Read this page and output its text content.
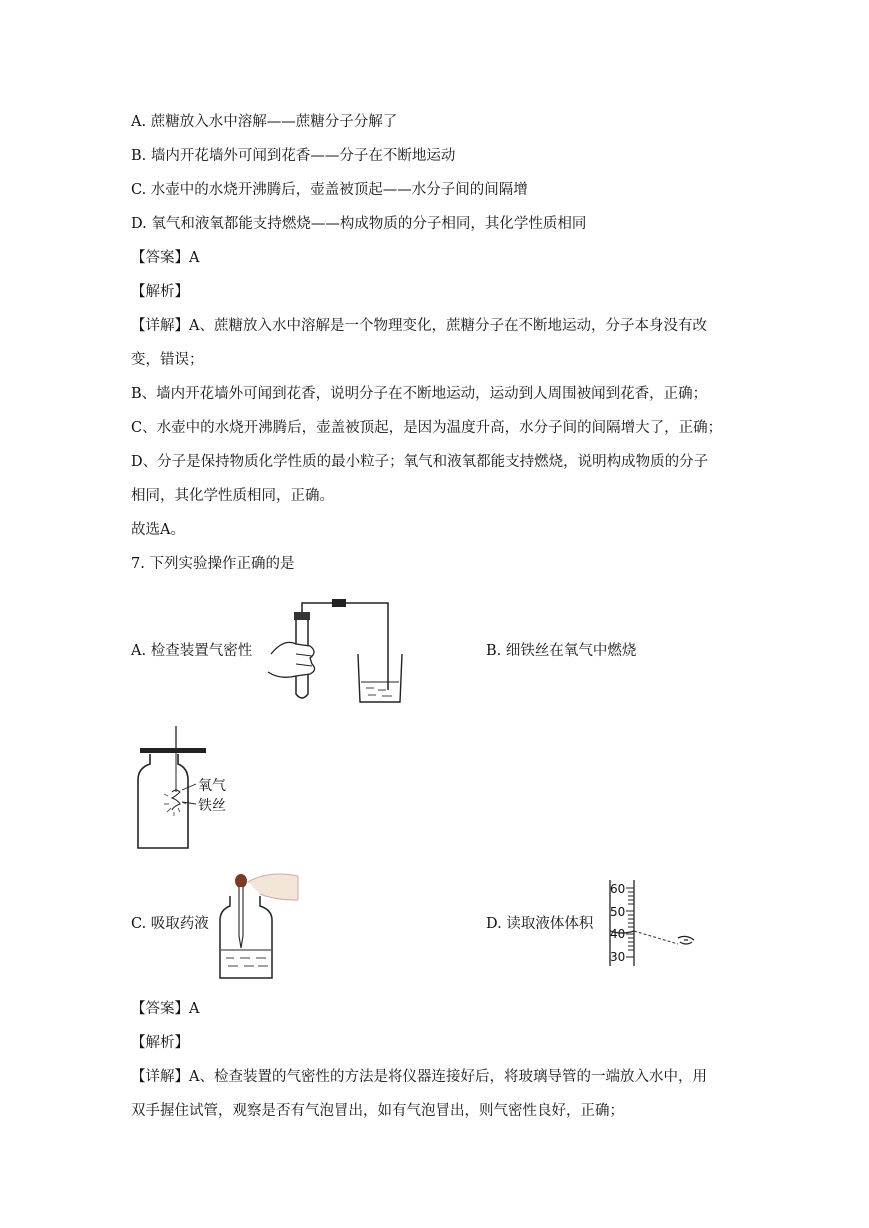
A. 蔗糖放入水中溶解——蔗糖分子分解了
B. 墙内开花墙外可闻到花香——分子在不断地运动
C. 水壶中的水烧开沸腾后，壶盖被顶起——水分子间的间隔增
D. 氧气和液氧都能支持燃烧——构成物质的分子相同，其化学性质相同
【答案】A
【解析】
【详解】A、蔗糖放入水中溶解是一个物理变化，蔗糖分子在不断地运动，分子本身没有改
变，错误；
B、墙内开花墙外可闻到花香，说明分子在不断地运动，运动到人周围被闻到花香，正确；
C、水壶中的水烧开沸腾后，壶盖被顶起，是因为温度升高，水分子间的间隔增大了，正确；
D、分子是保持物质化学性质的最小粒子；氧气和液氧都能支持燃烧，说明构成物质的分子
相同，其化学性质相同，正确。
故选A。
7. 下列实验操作正确的是
A. 检查装置气密性	B. 细铁丝在氧气中燃烧
氧气
铁丝
C. 吸取药液	D. 读取液体体积
60
50
40
30
【答案】A
【解析】
【详解】A、检查装置的气密性的方法是将仪器连接好后，将玻璃导管的一端放入水中，用
双手握住试管，观察是否有气泡冒出，如有气泡冒出，则气密性良好，正确；
